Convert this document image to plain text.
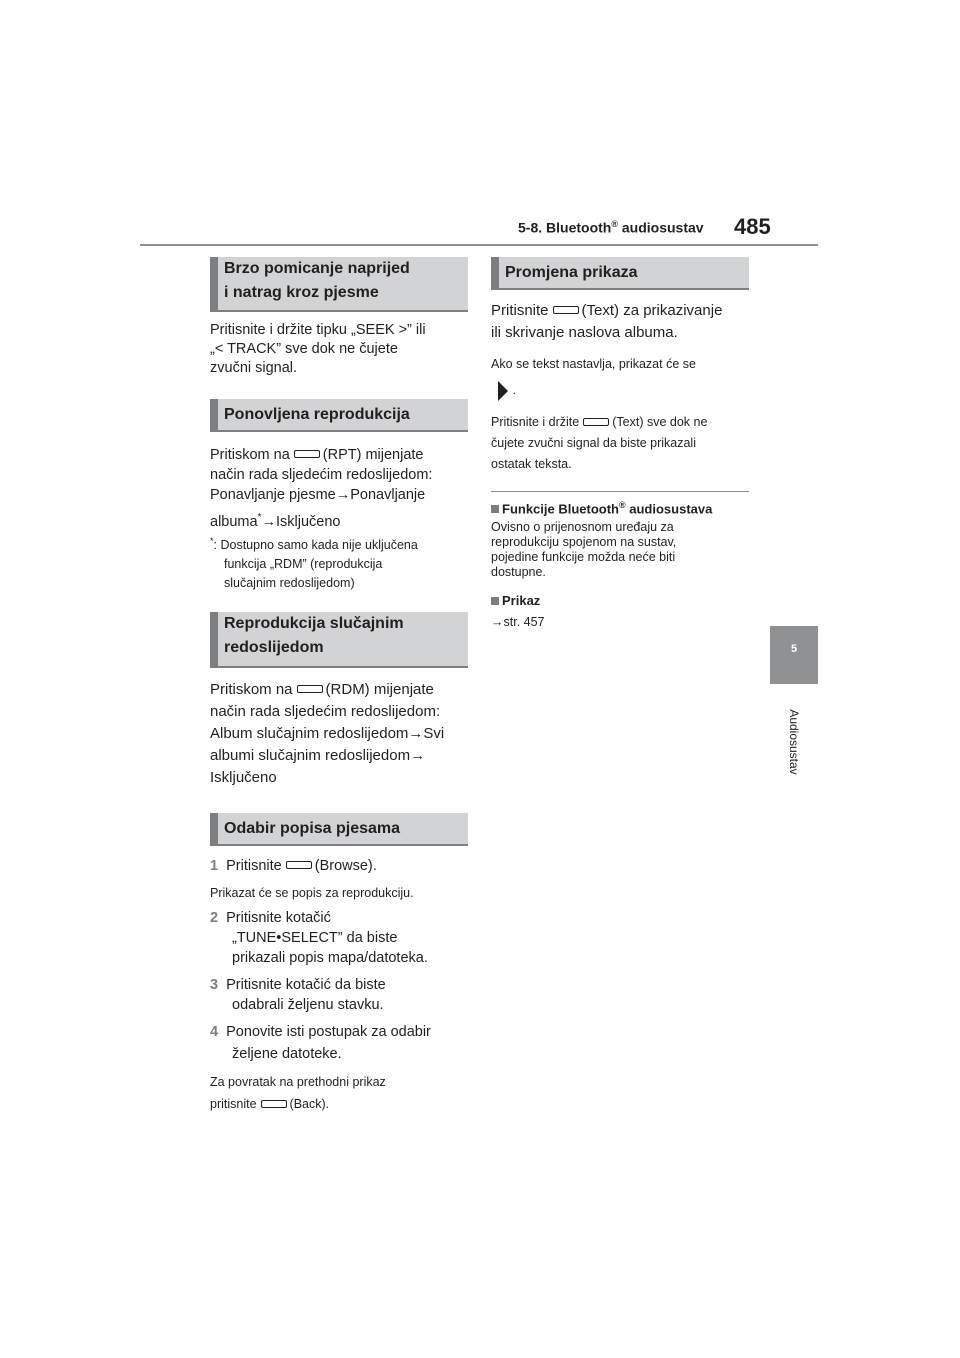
5-8. Bluetooth® audiosustav 485
5
Audiosustav
Brzo pomicanje naprijed
i natrag kroz pjesme
Pritisnite i držite tipku „SEEK >” ili
„< TRACK” sve dok ne čujete
zvučni signal.
Ponovljena reprodukcija
Pritiskom na (RPT) mijenjate
način rada sljedećim redoslijedom:
Ponavljanje pjesme→Ponavljanje
albuma*→Isključeno
*: Dostupno samo kada nije uključena
funkcija „RDM” (reprodukcija
slučajnim redoslijedom)
Reprodukcija slučajnim
redoslijedom
Pritiskom na (RDM) mijenjate
način rada sljedećim redoslijedom:
Album slučajnim redoslijedom→Svi
albumi slučajnim redoslijedom→
Isključeno
Odabir popisa pjesama
1 Pritisnite (Browse).
Prikazat će se popis za reprodukciju.
2 Pritisnite kotačić
„TUNE•SELECT” da biste
prikazali popis mapa/datoteka.
3 Pritisnite kotačić da biste
odabrali željenu stavku.
4 Ponovite isti postupak za odabir
željene datoteke.
Za povratak na prethodni prikaz
pritisnite	(Back).
Promjena prikaza
Pritisnite (Text) za prikazivanje
ili skrivanje naslova albuma.
Ako se tekst nastavlja, prikazat će se
.
Pritisnite i držite	(Text) sve dok ne
čujete zvučni signal da biste prikazali
ostatak teksta.
Funkcije Bluetooth® audiosustava
Ovisno o prijenosnom uređaju za
reprodukciju spojenom na sustav,
pojedine funkcije možda neće biti
dostupne.
Prikaz
→str. 457
